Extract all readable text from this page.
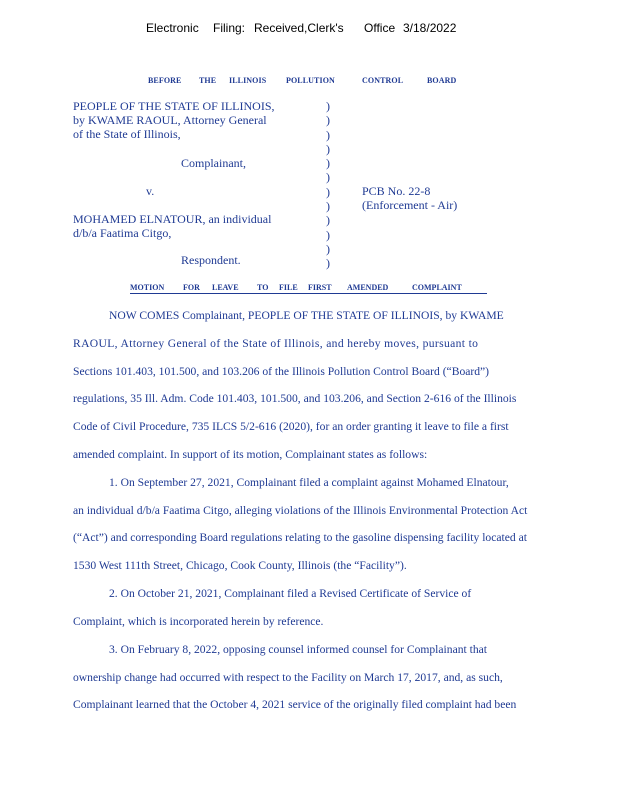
Electronic Filing: Received,Clerk's Office 3/18/2022
BEFORE THE ILLINOIS POLLUTION	CONTROL	BOARD
PEOPLE OF THE STATE OF ILLINOIS,
by KWAME RAOUL, Attorney General
of the State of Illinois,
Complainant,
v.
MOHAMED ELNATOUR, an individual
d/b/a Faatima Citgo,
Respondent.
)
)
)
)
)
)
)
)
)
)
)
)
PCB No. 22-8
(Enforcement - Air)
MOTION FOR LEAVE TO FILE FIRST AMENDED	COMPLAINT
NOW COMES Complainant, PEOPLE OF THE STATE OF ILLINOIS, by KWAME
RAOUL, Attorney General of the State of Illinois, and hereby moves, pursuant to
Sections 101.403, 101.500, and 103.206 of the Illinois Pollution Control Board (“Board”)
regulations, 35 Ill. Adm. Code 101.403, 101.500, and 103.206, and Section 2-616 of the Illinois
Code of Civil Procedure, 735 ILCS 5/2-616 (2020), for an order granting it leave to file a first
amended complaint. In support of its motion, Complainant states as follows:
1. On September 27, 2021, Complainant filed a complaint against Mohamed Elnatour,
an individual d/b/a Faatima Citgo, alleging violations of the Illinois Environmental Protection Act
(“Act”) and corresponding Board regulations relating to the gasoline dispensing facility located at
1530 West 111th Street, Chicago, Cook County, Illinois (the “Facility”).
2. On October 21, 2021, Complainant filed a Revised Certificate of Service of
Complaint, which is incorporated herein by reference.
3. On February 8, 2022, opposing counsel informed counsel for Complainant that
ownership change had occurred with respect to the Facility on March 17, 2017, and, as such,
Complainant learned that the October 4, 2021 service of the originally filed complaint had been
